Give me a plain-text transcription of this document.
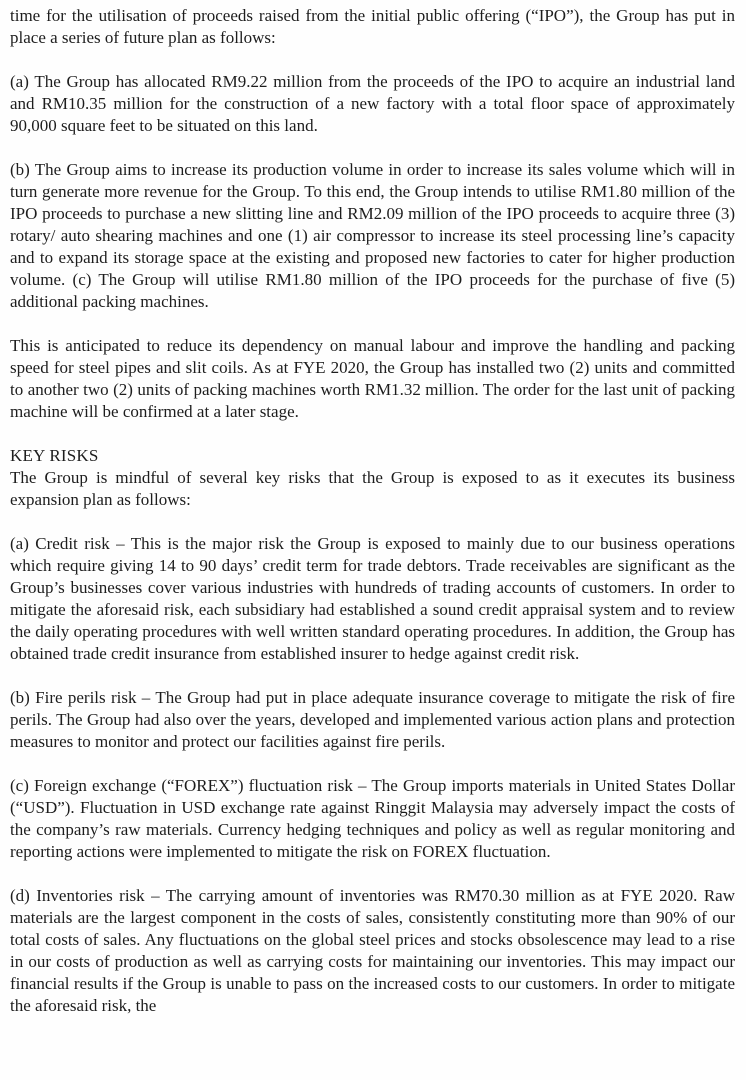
time for the utilisation of proceeds raised from the initial public offering (“IPO”), the Group has put in place a series of future plan as follows:

(a) The Group has allocated RM9.22 million from the proceeds of the IPO to acquire an industrial land and RM10.35 million for the construction of a new factory with a total floor space of approximately 90,000 square feet to be situated on this land.

(b) The Group aims to increase its production volume in order to increase its sales volume which will in turn generate more revenue for the Group. To this end, the Group intends to utilise RM1.80 million of the IPO proceeds to purchase a new slitting line and RM2.09 million of the IPO proceeds to acquire three (3) rotary/ auto shearing machines and one (1) air compressor to increase its steel processing line’s capacity and to expand its storage space at the existing and proposed new factories to cater for higher production volume. (c) The Group will utilise RM1.80 million of the IPO proceeds for the purchase of five (5) additional packing machines.

This is anticipated to reduce its dependency on manual labour and improve the handling and packing speed for steel pipes and slit coils. As at FYE 2020, the Group has installed two (2) units and committed to another two (2) units of packing machines worth RM1.32 million. The order for the last unit of packing machine will be confirmed at a later stage.

KEY RISKS

The Group is mindful of several key risks that the Group is exposed to as it executes its business expansion plan as follows:

(a) Credit risk – This is the major risk the Group is exposed to mainly due to our business operations which require giving 14 to 90 days’ credit term for trade debtors. Trade receivables are significant as the Group’s businesses cover various industries with hundreds of trading accounts of customers. In order to mitigate the aforesaid risk, each subsidiary had established a sound credit appraisal system and to review the daily operating procedures with well written standard operating procedures. In addition, the Group has obtained trade credit insurance from established insurer to hedge against credit risk.

(b) Fire perils risk – The Group had put in place adequate insurance coverage to mitigate the risk of fire perils. The Group had also over the years, developed and implemented various action plans and protection measures to monitor and protect our facilities against fire perils.

(c) Foreign exchange (“FOREX”) fluctuation risk – The Group imports materials in United States Dollar (“USD”). Fluctuation in USD exchange rate against Ringgit Malaysia may adversely impact the costs of the company’s raw materials. Currency hedging techniques and policy as well as regular monitoring and reporting actions were implemented to mitigate the risk on FOREX fluctuation.

(d) Inventories risk – The carrying amount of inventories was RM70.30 million as at FYE 2020. Raw materials are the largest component in the costs of sales, consistently constituting more than 90% of our total costs of sales. Any fluctuations on the global steel prices and stocks obsolescence may lead to a rise in our costs of production as well as carrying costs for maintaining our inventories. This may impact our financial results if the Group is unable to pass on the increased costs to our customers. In order to mitigate the aforesaid risk, the
